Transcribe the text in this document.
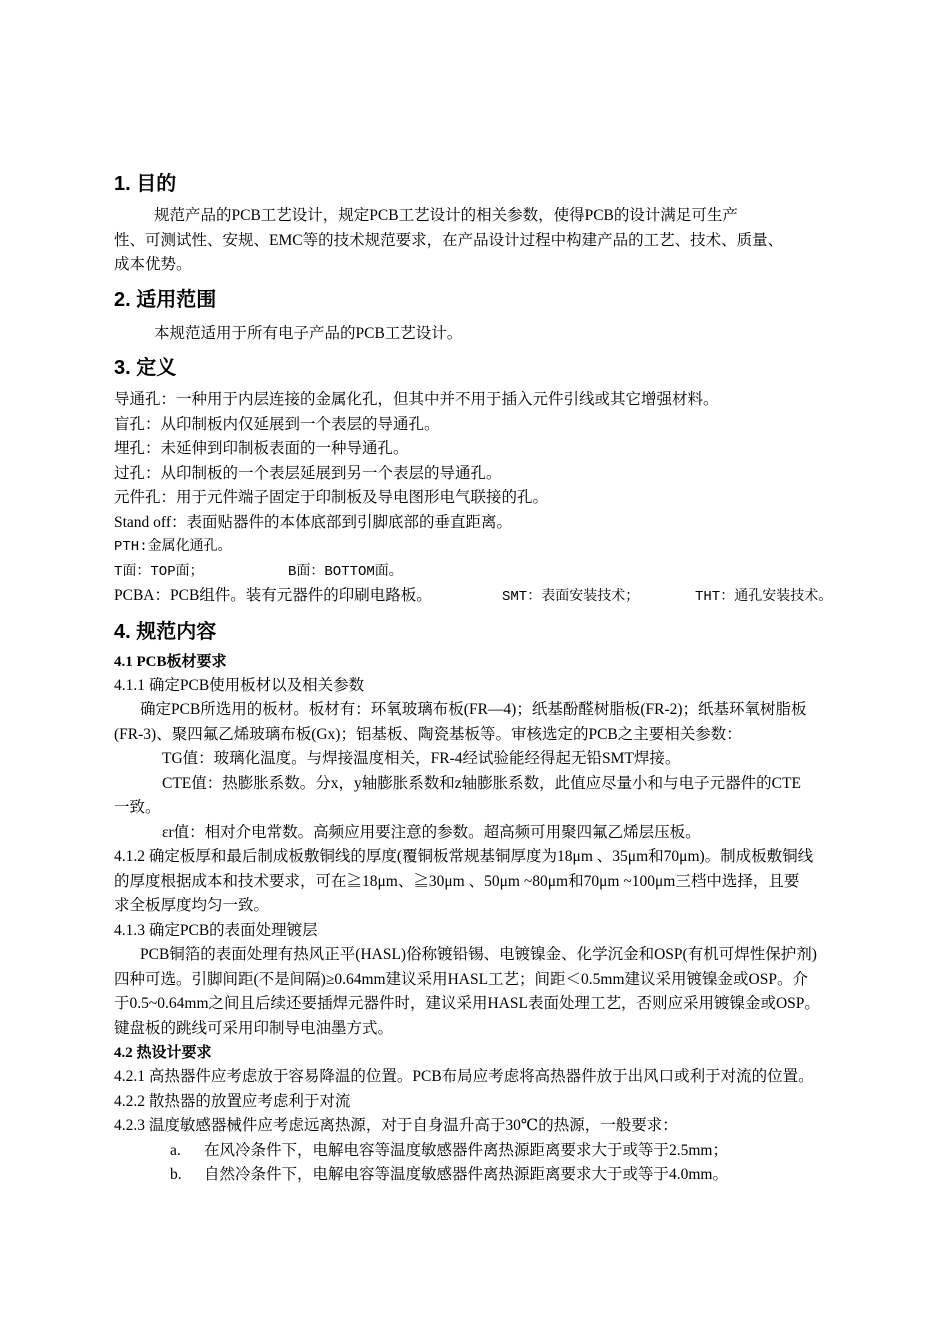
1. 目的

规范产品的PCB工艺设计，规定PCB工艺设计的相关参数，使得PCB的设计满足可生产

性、可测试性、安规、EMC等的技术规范要求，在产品设计过程中构建产品的工艺、技术、质量、

成本优势。

2. 适用范围

本规范适用于所有电子产品的PCB工艺设计。

3. 定义

导通孔：一种用于内层连接的金属化孔，但其中并不用于插入元件引线或其它增强材料。

盲孔：从印制板内仅延展到一个表层的导通孔。

埋孔：未延伸到印制板表面的一种导通孔。

过孔：从印制板的一个表层延展到另一个表层的导通孔。

元件孔：用于元件端子固定于印制板及导电图形电气联接的孔。

Stand off：表面贴器件的本体底部到引脚底部的垂直距离。

PTH:金属化通孔。

T面：TOP面；	B面：BOTTOM面。

PCBA：PCB组件。装有元器件的印刷电路板。	SMT：表面安装技术；	THT：通孔安装技术。

4. 规范内容
4.1 PCB板材要求

4.1.1 确定PCB使用板材以及相关参数

确定PCB所选用的板材。板材有：环氧玻璃布板(FR—4)；纸基酚醛树脂板(FR-2)；纸基环氧树脂板

(FR-3)、聚四氟乙烯玻璃布板(Gx)；铝基板、陶瓷基板等。审核选定的PCB之主要相关参数：

TG值：玻璃化温度。与焊接温度相关，FR-4经试验能经得起无铅SMT焊接。

CTE值：热膨胀系数。分x，y轴膨胀系数和z轴膨胀系数，此值应尽量小和与电子元器件的CTE

一致。

εr值：相对介电常数。高频应用要注意的参数。超高频可用聚四氟乙烯层压板。

4.1.2 确定板厚和最后制成板敷铜线的厚度(覆铜板常规基铜厚度为18μm 、35μm和70μm)。制成板敷铜线

的厚度根据成本和技术要求，可在≧18μm、≧30μm 、50μm ~80μm和70μm ~100μm三档中选择，且要

求全板厚度均匀一致。

4.1.3 确定PCB的表面处理镀层

PCB铜箔的表面处理有热风正平(HASL)俗称镀铅锡、电镀镍金、化学沉金和OSP(有机可焊性保护剂)

四种可选。引脚间距(不是间隔)≥0.64mm建议采用HASL工艺；间距＜0.5mm建议采用镀镍金或OSP。介

于0.5~0.64mm之间且后续还要插焊元器件时，建议采用HASL表面处理工艺，否则应采用镀镍金或OSP。

键盘板的跳线可采用印制导电油墨方式。

4.2 热设计要求

4.2.1 高热器件应考虑放于容易降温的位置。PCB布局应考虑将高热器件放于出风口或利于对流的位置。

4.2.2 散热器的放置应考虑利于对流

4.2.3 温度敏感器械件应考虑远离热源，对于自身温升高于30℃的热源，一般要求：

a. 在风冷条件下，电解电容等温度敏感器件离热源距离要求大于或等于2.5mm；

b. 自然冷条件下，电解电容等温度敏感器件离热源距离要求大于或等于4.0mm。
